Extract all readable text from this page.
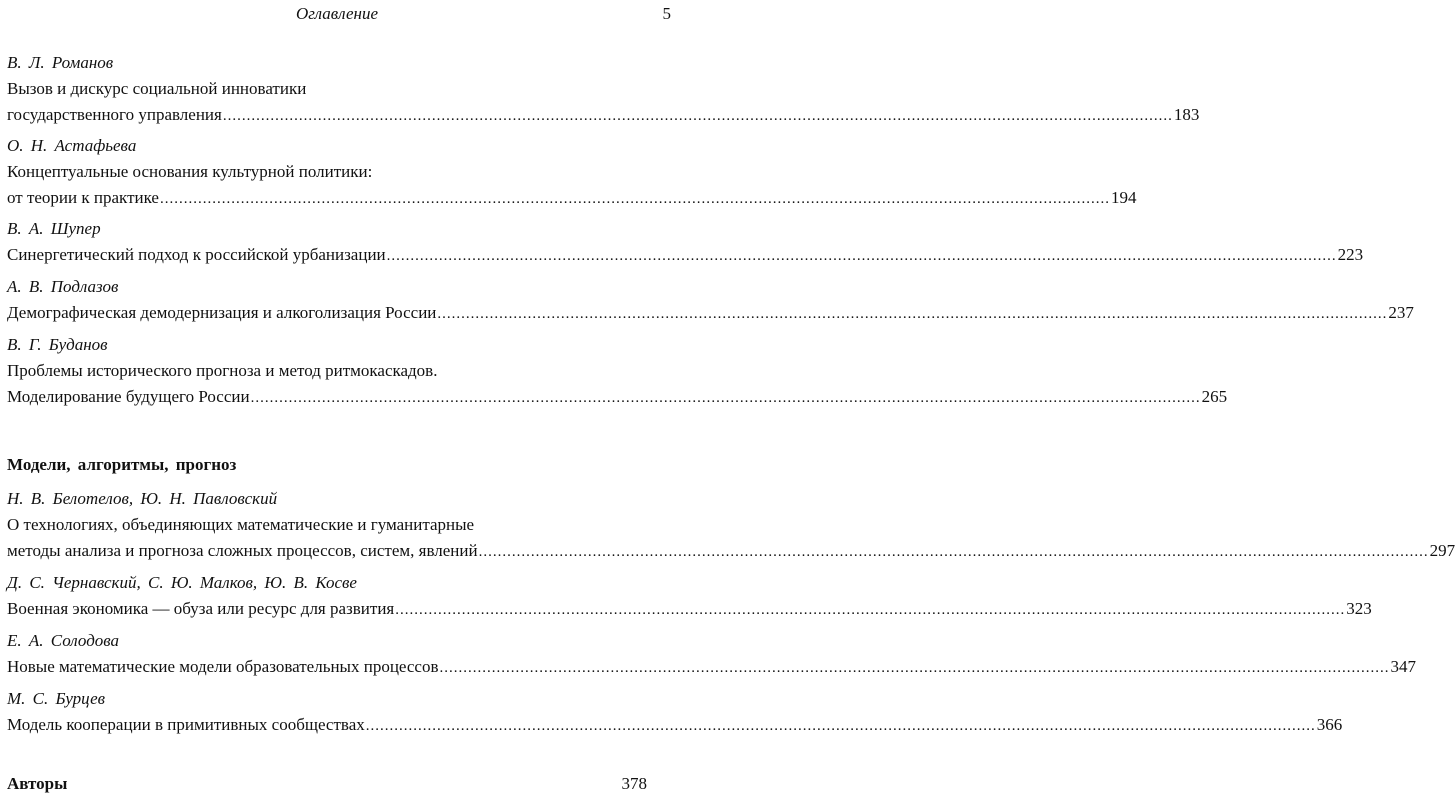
Оглавление	5
В. Л. Романов
Вызов и дискурс социальной инноватики
государственного управления ........................................................................................................................................................................................................ 183
О. Н. Астафьева
Концептуальные основания культурной политики:
от теории к практике ........................................................................................................................................................................................................ 194
В. А. Шупер
Синергетический подход к российской урбанизации ........................................................................................................................................................................................................ 223
А. В. Подлазов
Демографическая демодернизация и алкоголизация России ........................................................................................................................................................................................................ 237
В. Г. Буданов
Проблемы исторического прогноза и метод ритмокаскадов.
Моделирование будущего России ........................................................................................................................................................................................................ 265
Модели, алгоритмы, прогноз
Н. В. Белотелов, Ю. Н. Павловский
О технологиях, объединяющих математические и гуманитарные
методы анализа и прогноза сложных процессов, систем, явлений ........................................................................................................................................................................................................ 297
Д. С. Чернавский, С. Ю. Малков, Ю. В. Косве
Военная экономика — обуза или ресурс для развития ........................................................................................................................................................................................................ 323
Е. А. Солодова
Новые математические модели образовательных процессов ........................................................................................................................................................................................................ 347
М. С. Бурцев
Модель кооперации в примитивных сообществах ........................................................................................................................................................................................................ 366
Авторы	378
